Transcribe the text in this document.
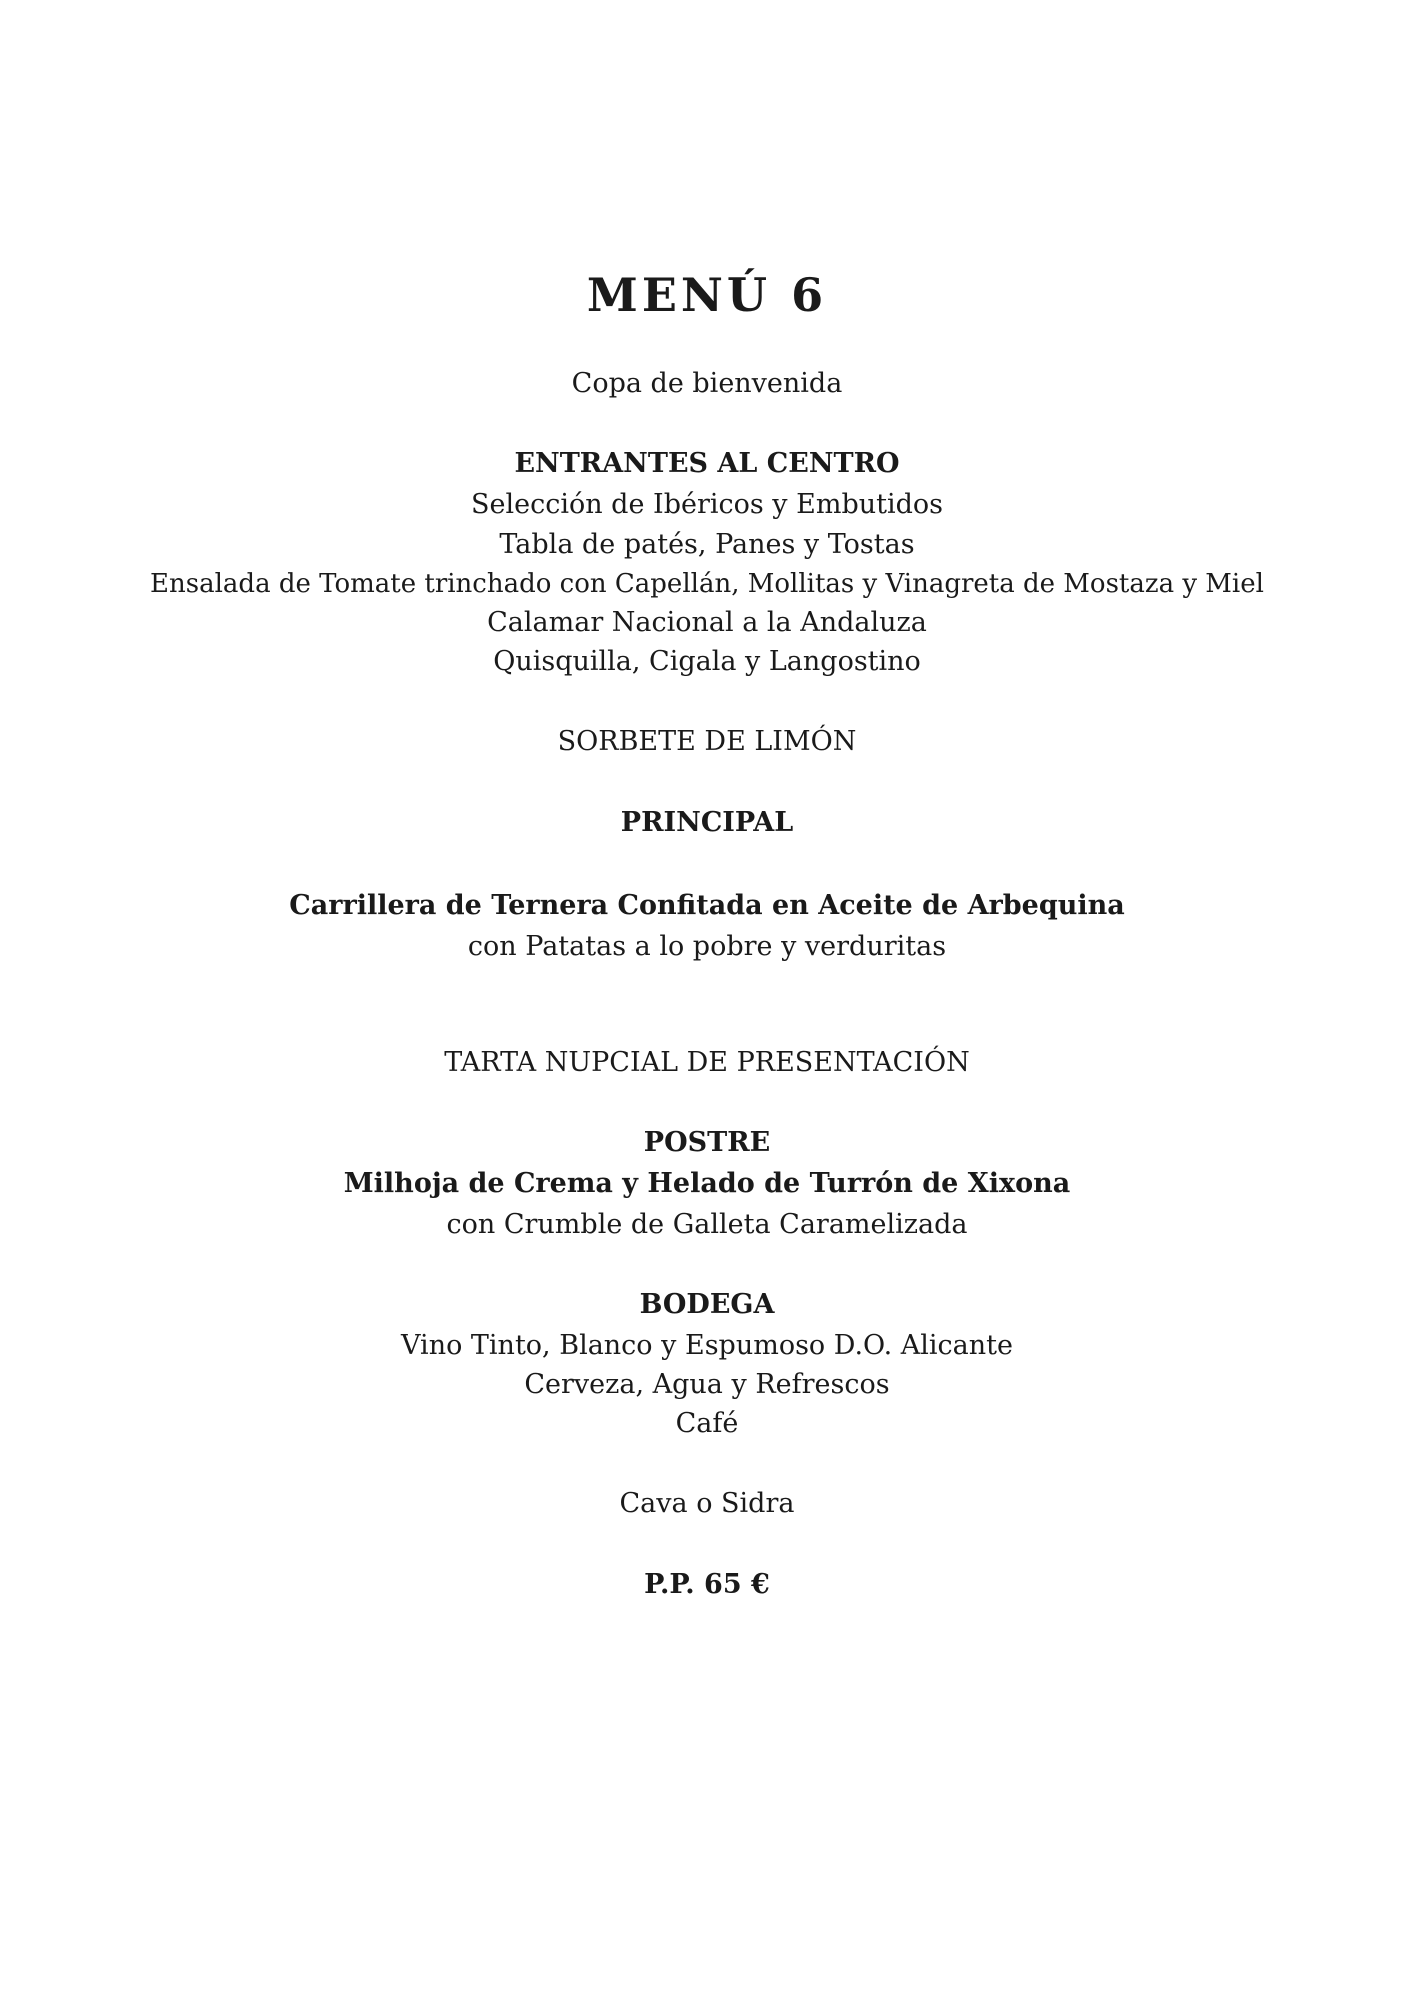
MENÚ 6
Copa de bienvenida
ENTRANTES AL CENTRO
Selección de Ibéricos y Embutidos
Tabla de patés, Panes y Tostas
Ensalada de Tomate trinchado con Capellán, Mollitas y Vinagreta de Mostaza y Miel
Calamar Nacional a la Andaluza
Quisquilla, Cigala y Langostino
SORBETE DE LIMÓN
PRINCIPAL
Carrillera de Ternera Confitada en Aceite de Arbequina
con Patatas a lo pobre y verduritas
TARTA NUPCIAL DE PRESENTACIÓN
POSTRE
Milhoja de Crema y Helado de Turrón de Xixona
con Crumble de Galleta Caramelizada
BODEGA
Vino Tinto, Blanco y Espumoso D.O. Alicante
Cerveza, Agua y Refrescos
Café
Cava o Sidra
P.P. 65 €
